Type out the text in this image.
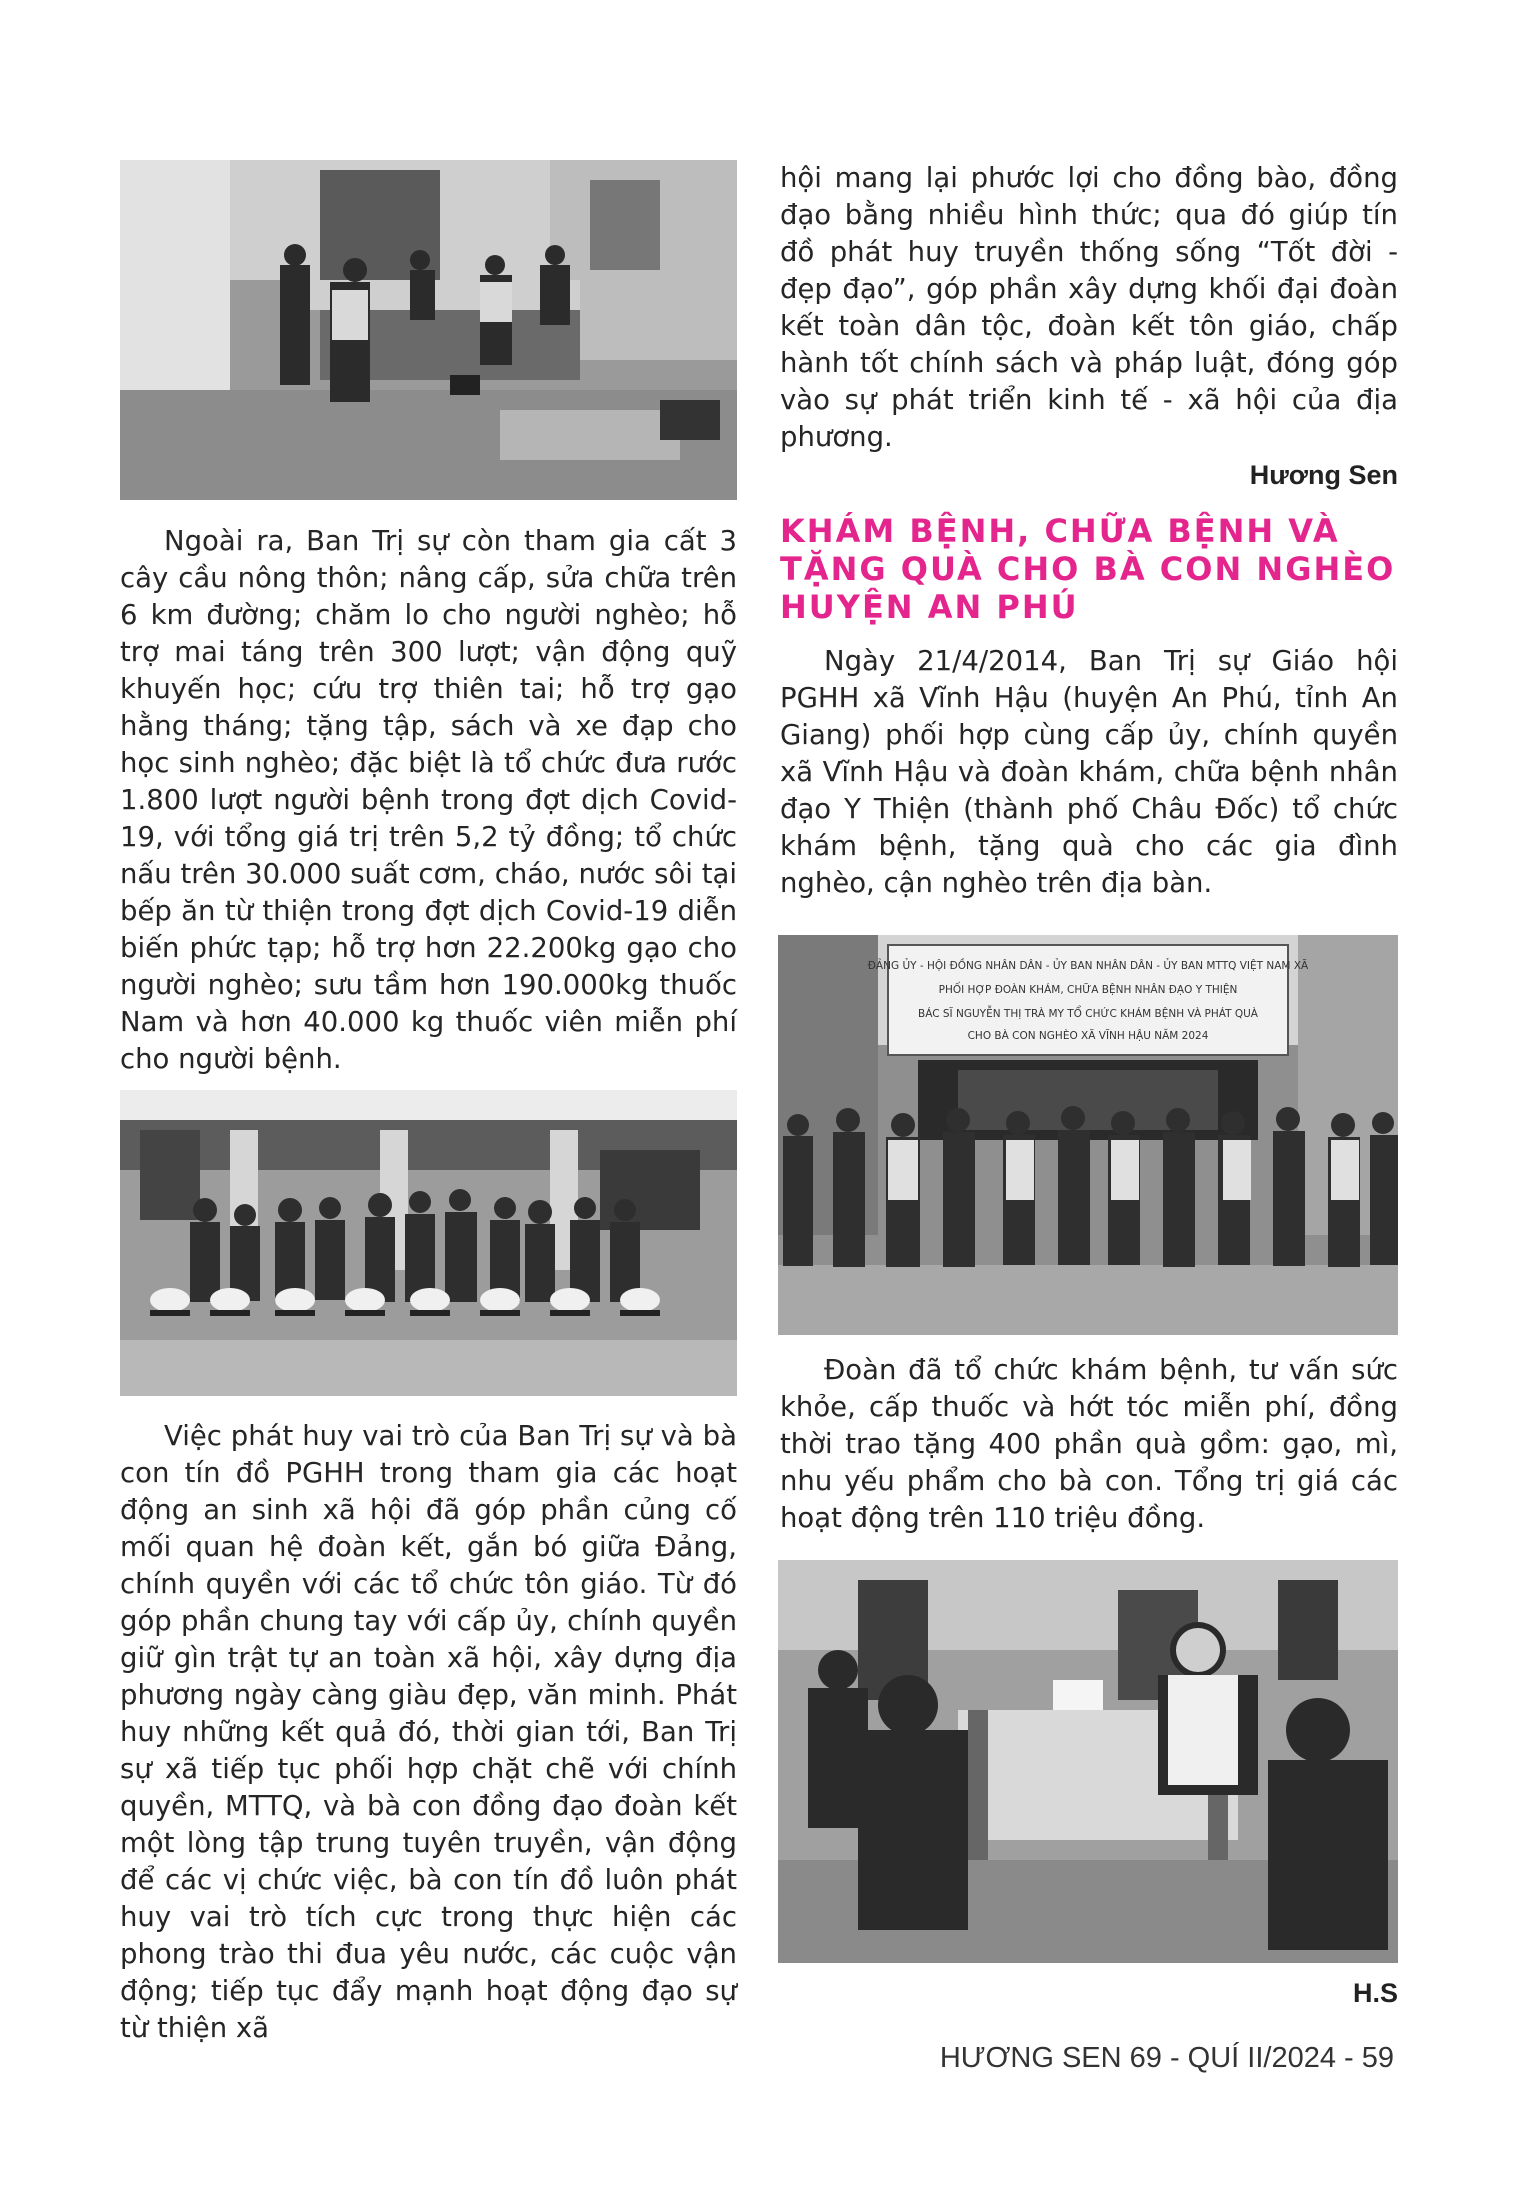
Ngoài ra, Ban Trị sự còn tham gia cất 3 cây cầu nông thôn; nâng cấp, sửa chữa trên 6 km đường; chăm lo cho người nghèo; hỗ trợ mai táng trên 300 lượt; vận động quỹ khuyến học; cứu trợ thiên tai; hỗ trợ gạo hằng tháng; tặng tập, sách và xe đạp cho học sinh nghèo; đặc biệt là tổ chức đưa rước 1.800 lượt người bệnh trong đợt dịch Covid-19, với tổng giá trị trên 5,2 tỷ đồng; tổ chức nấu trên 30.000 suất cơm, cháo, nước sôi tại bếp ăn từ thiện trong đợt dịch Covid-19 diễn biến phức tạp; hỗ trợ hơn 22.200kg gạo cho người nghèo; sưu tầm hơn 190.000kg thuốc Nam và hơn 40.000 kg thuốc viên miễn phí cho người bệnh.

Việc phát huy vai trò của Ban Trị sự và bà con tín đồ PGHH trong tham gia các hoạt động an sinh xã hội đã góp phần củng cố mối quan hệ đoàn kết, gắn bó giữa Đảng, chính quyền với các tổ chức tôn giáo. Từ đó góp phần chung tay với cấp ủy, chính quyền giữ gìn trật tự an toàn xã hội, xây dựng địa phương ngày càng giàu đẹp, văn minh. Phát huy những kết quả đó, thời gian tới, Ban Trị sự xã tiếp tục phối hợp chặt chẽ với chính quyền, MTTQ, và bà con đồng đạo đoàn kết một lòng tập trung tuyên truyền, vận động để các vị chức việc, bà con tín đồ luôn phát huy vai trò tích cực trong thực hiện các phong trào thi đua yêu nước, các cuộc vận động; tiếp tục đẩy mạnh hoạt động đạo sự từ thiện xã

hội mang lại phước lợi cho đồng bào, đồng đạo bằng nhiều hình thức; qua đó giúp tín đồ phát huy truyền thống sống “Tốt đời - đẹp đạo”, góp phần xây dựng khối đại đoàn kết toàn dân tộc, đoàn kết tôn giáo, chấp hành tốt chính sách và pháp luật, đóng góp vào sự phát triển kinh tế - xã hội của địa phương.

Hương Sen
KHÁM BỆNH, CHỮA BỆNH VÀ TẶNG QUÀ CHO BÀ CON NGHÈO HUYỆN AN PHÚ

Ngày 21/4/2014, Ban Trị sự Giáo hội PGHH xã Vĩnh Hậu (huyện An Phú, tỉnh An Giang) phối hợp cùng cấp ủy, chính quyền xã Vĩnh Hậu và đoàn khám, chữa bệnh nhân đạo Y Thiện (thành phố Châu Đốc) tổ chức khám bệnh, tặng quà cho các gia đình nghèo, cận nghèo trên địa bàn.

ĐẢNG ỦY - HỘI ĐỒNG NHÂN DÂN - ỦY BAN NHÂN DÂN - ỦY BAN MTTQ VIỆT NAM XÃ
PHỐI HỢP ĐOÀN KHÁM, CHỮA BỆNH NHÂN ĐẠO Y THIỆN
BÁC SĨ NGUYỄN THỊ TRÀ MY TỔ CHỨC KHÁM BỆNH VÀ PHÁT QUÀ
CHO BÀ CON NGHÈO XÃ VĨNH HẬU NĂM 2024

Đoàn đã tổ chức khám bệnh, tư vấn sức khỏe, cấp thuốc và hớt tóc miễn phí, đồng thời trao tặng 400 phần quà gồm: gạo, mì, nhu yếu phẩm cho bà con. Tổng trị giá các hoạt động trên 110 triệu đồng.

H.S
HƯƠNG SEN 69 - QUÍ II/2024 - 59
